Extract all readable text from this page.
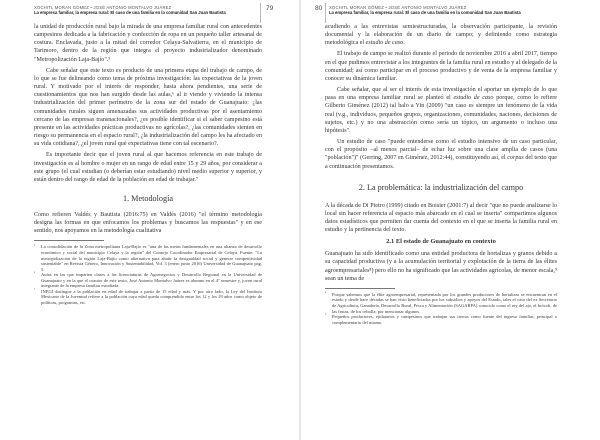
XOCHITL MORAN GÓMEZ • JOSÉ ANTONIO MONTALVO JUÁREZ
La empresa familiar, la empresa rural: El caso de una familia en la comunidad San Juan Bautista
79

la unidad de producción rural bajo la mirada de una empresa familiar rural con antecedentes campesinos dedicada a la fabricación y confección de ropa en un pequeño taller artesanal de costura. Enclavada, justo a la mitad del corredor Celaya-Salvatierra, en el municipio de Tarimoro, dentro de la región que integra el proyecto industrializador denominado "Metropolización Laja-Bajío".⁵

Cabe señalar que este texto es producto de una primera etapa del trabajo de campo, de lo que se fue delineando como tema de próxima investigación: las expectativas de la joven rural. Y motivado por el interés de responder, hasta ahora pendientes, una serie de cuestionamientos que nos han surgido desde las aulas,⁶ al ir viendo y viviendo la intensa industrialización del primer perímetro de la zona sur del estado de Guanajuato: ¿las comunidades rurales siguen amenazadas sus actividades productivas por el asentamiento cercano de las empresas transnacionales?, ¿es posible identificar si el saber campesino está presente en las actividades prácticas productivas no agrícolas?, ¿las comunidades sienten en riesgo su permanencia en el espacio rural?, ¿la industrialización del campo les ha afectado en su vida cotidiana?, ¿el joven rural qué expectativas tiene con tal escenario?.

Es importante decir que el joven rural al que hacemos referencia en este trabajo de investigación es al hombre o mujer en un rango de edad entre 15 y 29 años, por considerar a este grupo (el cual estudian (o deberían estar estudiando) nivel medio superior y superior, y están dentro del rango de edad de la población en edad de trabajar.⁷

1. Metodología

Como refieren Valdés y Bautista (2016:75) en Valdés (2016) "el término metodología designa las formas en que enfocamos los problemas y buscamos las respuestas" y en ese sentido, nos apoyamos en la metodología cualitativa

⁵ La consolidación de la Zona metropolitana Laja-Bajío es "una de las metas fundamentales en una alianza de desarrollo económico y social del municipio Celaya y la región" del Consejo Coordinador Empresarial de Celaya. Fuente: "La metropolización de la región Laja-Bajío como alternativa para abatir la desigualdad social y generar competitividad sustentable" en Revista Género, Innovación y Sustentabilidad, Vol. 3 (enero junio 2016) Universidad de Guanajuato pag. 5.
⁶ Aulas en las que imparten clases a las licenciaturas de Agronegocios y Desarrollo Regional en la Universidad de Guanajuato y en la que el coautor de este texto, José Antonio Montalvo Juárez es alumno en el 4º semestre y, joven rural integrante de la empresa familiar estudiada.
⁷ INEGI distingue a la población en edad de trabajar a partir de 15 edad y más. Y por otro lado, la Ley del Instituto Mexicano de la Juventud refiere a la población cuya edad queda comprendida entre los 12 y los 29 años como objeto de políticas, programas, etc.
80 XOCHITL MORAN GÓMEZ • JOSÉ ANTONIO MONTALVO JUÁREZ
La empresa familiar, la empresa rural: El caso de una familia en la comunidad San Juan Bautista

acudiendo a las entrevistas semiestructuradas, la observación participante, la revisión documental y la elaboración de un diario de campo; y definiendo como estrategia metodológica el estudio de caso.

El trabajo de campo se realizó durante el periodo de noviembre 2016 a abril 2017, tiempo en el que pudimos entrevistar a los integrantes de la familia rural en estudio y al delegado de la comunidad; así como participar en el proceso productivo y de venta de la empresa familiar y conocer su dinámica familiar.

Cabe señalar, que al ser el interés de esta investigación el aportar un ejemplo de lo que pasa en una empresa familiar rural se planteó el estudio de caso porque, como lo refiere Gilberto Giménez (2012) tal balo a Yin (2009) "un caso es siempre un fenómeno de la vida real (v.g., individuos, pequeños grupos, organizaciones, comunidades, naciones, decisiones de sujetos, etc.) y no una abstracción como sería un tópico, un argumento o incluso una hipótesis".

Un estudio de caso "puede entenderse como el estudio intensivo de un caso particular, con el propósito –al menos parcial– de echar luz sobre una clase amplia de casos (una "población")" (Gerring, 2007 en Giménez, 2012:44), constituyendo así, el corpus del texto que a continuación presentamos.

2. La problemática: la industrialización del campo

A la década de Di Pietro (1999) citado en Boisier (2001:7) al decir "que no puede analizarse lo local sin hacer referencia al espacio más abarcado en el cual se inserta" compartimos algunos datos estadísticos que permiten dar cuenta del contexto en el que se inserta la familia rural en estudio y la pertinencia del texto.

2.1 El estado de Guanajuato en contexto

Guanajuato ha sido identificado como una entidad productora de hortalizas y granos debido a su capacidad productiva (y a la acumulación territorial y explotación de la tierra de las élites agroempresariales⁸) pero ello no ha significado que las actividades agrícolas, de menor escala,⁹ sean un tema de

⁸ Porque sabemos que la élite agroempresarial, representada por los grandes productores de hortalizas se encuentran en el estado y desde hace décadas se han visto beneficiados por los subsidios y apoyos del Estado, tales el caso del ex Secretario de Agricultura, Ganadería, Desarrollo Rural, Pesca y Alimentación (SAGARPA) conocido como el rey del ajo, el brócoli, de las frutas, de los cebolla; por mencionar algunos.
⁹ Pequeños productores, ejidatarios y campesinos que trabajan sus tierras como fuente del ingreso familiar, principal o complementario del mismo.
